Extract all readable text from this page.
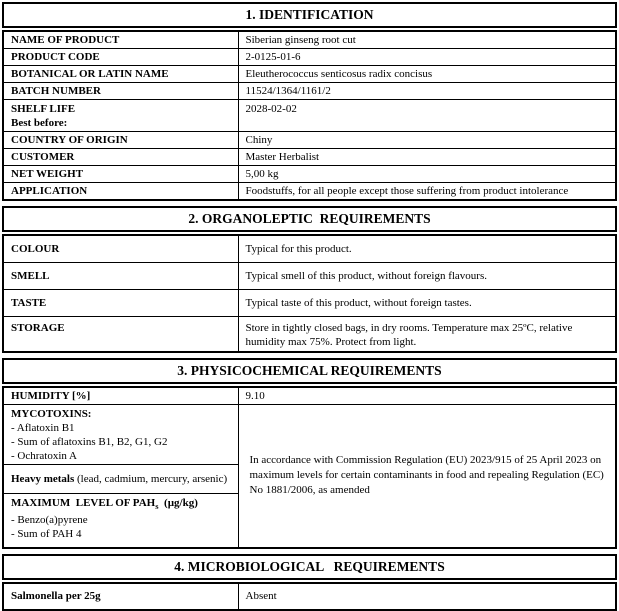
1. IDENTIFICATION
NAME OF PRODUCT	Siberian ginseng root cut
PRODUCT CODE	2-0125-01-6
BOTANICAL OR LATIN NAME	Eleutherococcus senticosus radix concisus
BATCH NUMBER	11524/1364/1161/2

SHELF LIFE
Best before:	2028-02-02
COUNTRY OF ORIGIN	Chiny
CUSTOMER	Master Herbalist
NET WEIGHT	5,00 kg
APPLICATION	Foodstuffs, for all people except those suffering from product intolerance
2. ORGANOLEPTIC  REQUIREMENTS
COLOUR	Typical for this product.
SMELL	Typical smell of this product, without foreign flavours.
TASTE	Typical taste of this product, without foreign tastes.
STORAGE	Store in tightly closed bags, in dry rooms. Temperature max 25ºC, relative humidity max 75%. Protect from light.
3. PHYSICOCHEMICAL REQUIREMENTS
HUMIDITY [%]	9.10

MYCOTOXINS:
- Aflatoxin B1
- Sum of aflatoxins B1, B2, G1, G2
- Ochratoxin A	In accordance with Commission Regulation (EU) 2023/915 of 25 April 2023 on maximum levels for certain contaminants in food and repealing Regulation (EC) No 1881/2006, as amended
Heavy metals (lead, cadmium, mercury, arsenic)	

MAXIMUM  LEVEL OF $PAH_s$  (µg/kg)
- Benzo(a)pyrene
- Sum of PAH 4	
4. MICROBIOLOGICAL   REQUIREMENTS
Salmonella per 25g	Absent
